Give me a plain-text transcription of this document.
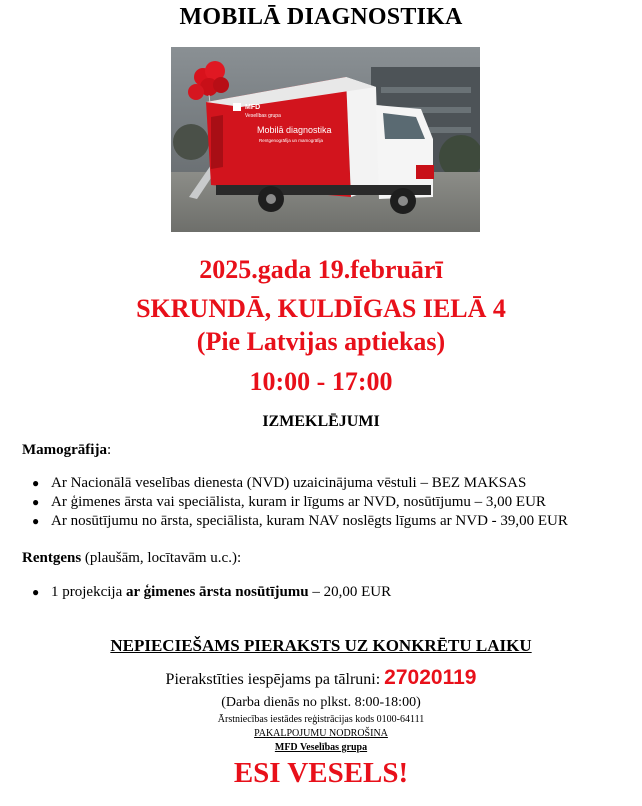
MOBILĀ DIAGNOSTIKA
MFD
Veselības grupa
Mobilā diagnostika
Rentgenogrāfija un mamogrāfija
2025.gada 19.februārī
SKRUNDĀ, KULDĪGAS IELĀ 4
(Pie Latvijas aptiekas)
10:00 - 17:00
IZMEKLĒJUMI
Mamogrāfija:
● Ar Nacionālā veselības dienesta (NVD) uzaicinājuma vēstuli – BEZ MAKSAS
● Ar ģimenes ārsta vai speciālista, kuram ir līgums ar NVD, nosūtījumu – 3,00 EUR
● Ar nosūtījumu no ārsta, speciālista, kuram NAV noslēgts līgums ar NVD - 39,00 EUR
Rentgens (plaušām, locītavām u.c.):
● 1 projekcija ar ģimenes ārsta nosūtījumu – 20,00 EUR
NEPIECIEŠAMS PIERAKSTS UZ KONKRĒTU LAIKU
Pierakstīties iespējams pa tālruni: 27020119
(Darba dienās no plkst. 8:00-18:00)
Ārstniecības iestādes reģistrācijas kods 0100-64111
PAKALPOJUMU NODROŠINA
MFD Veselības grupa
ESI VESELS!
